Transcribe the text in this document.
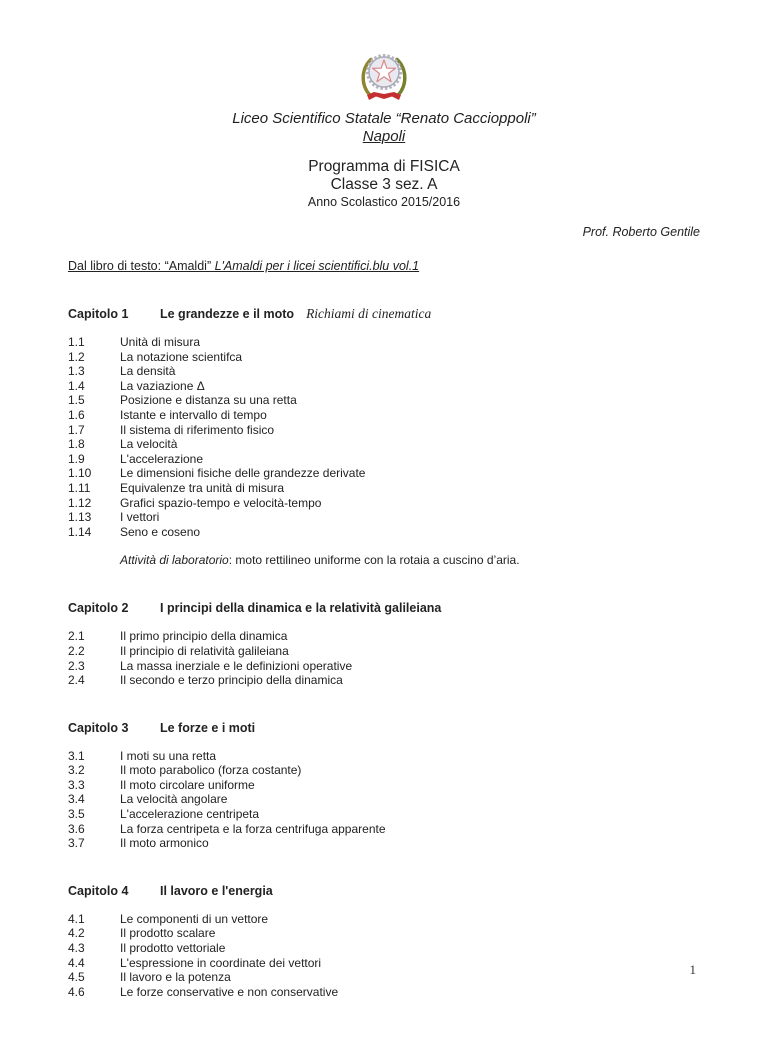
Liceo Scientifico Statale “Renato Caccioppoli”
Napoli
Programma di FISICA
Classe 3 sez. A
Anno Scolastico 2015/2016
Prof. Roberto Gentile
Dal libro di testo: “Amaldi” L'Amaldi per i licei scientifici.blu vol.1
Capitolo 1	Le grandezze e il moto Richiami di cinematica
1.1	Unità di misura
1.2	La notazione scientifca
1.3	La densità
1.4	La vaziazione Δ
1.5	Posizione e distanza su una retta
1.6	Istante e intervallo di tempo
1.7	Il sistema di riferimento fisico
1.8	La velocità
1.9	L'accelerazione
1.10 Le dimensioni fisiche delle grandezze derivate
1.11 Equivalenze tra unità di misura
1.12 Grafici spazio-tempo e velocità-tempo
1.13 I vettori
1.14 Seno e coseno
Attività di laboratorio: moto rettilineo uniforme con la rotaia a cuscino d’aria.
Capitolo 2	I principi della dinamica e la relatività galileiana
2.1	Il primo principio della dinamica
2.2	Il principio di relatività galileiana
2.3	La massa inerziale e le definizioni operative
2.4	Il secondo e terzo principio della dinamica
Capitolo 3	Le forze e i moti
3.1	I moti su una retta
3.2	Il moto parabolico (forza costante)
3.3	Il moto circolare uniforme
3.4	La velocità angolare
3.5	L'accelerazione centripeta
3.6	La forza centripeta e la forza centrifuga apparente
3.7	Il moto armonico
Capitolo 4	Il lavoro e l'energia
4.1	Le componenti di un vettore
4.2	Il prodotto scalare
4.3	Il prodotto vettoriale
4.4	L'espressione in coordinate dei vettori
4.5	Il lavoro e la potenza
4.6	Le forze conservative e non conservative
1
